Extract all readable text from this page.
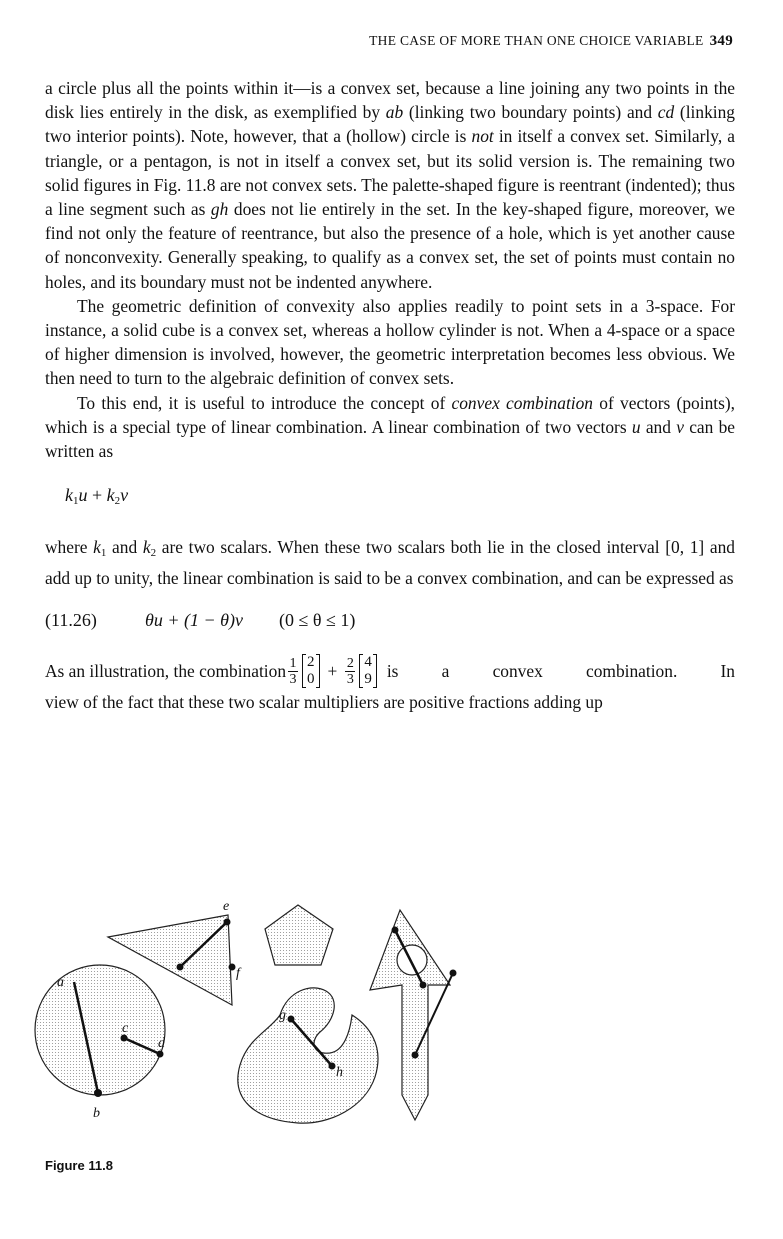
THE CASE OF MORE THAN ONE CHOICE VARIABLE 349

a circle plus all the points within it—is a convex set, because a line joining any two points in the disk lies entirely in the disk, as exemplified by ab (linking two boundary points) and cd (linking two interior points). Note, however, that a (hollow) circle is not in itself a convex set. Similarly, a triangle, or a pentagon, is not in itself a convex set, but its solid version is. The remaining two solid figures in Fig. 11.8 are not convex sets. The palette-shaped figure is reentrant (indented); thus a line segment such as gh does not lie entirely in the set. In the key-shaped figure, moreover, we find not only the feature of reentrance, but also the presence of a hole, which is yet another cause of nonconvexity. Generally speaking, to qualify as a convex set, the set of points must contain no holes, and its boundary must not be indented anywhere.

The geometric definition of convexity also applies readily to point sets in a 3-space. For instance, a solid cube is a convex set, whereas a hollow cylinder is not. When a 4-space or a space of higher dimension is involved, however, the geometric interpretation becomes less obvious. We then need to turn to the algebraic definition of convex sets.

To this end, it is useful to introduce the concept of convex combination of vectors (points), which is a special type of linear combination. A linear combination of two vectors u and v can be written as

$k_1u + k_2v$

where $k_1$ and $k_2$ are two scalars. When these two scalars both lie in the closed interval [0, 1] and add up to unity, the linear combination is said to be a convex combination, and can be expressed as

(11.26)	θu + (1 − θ)v (0 ≤ θ ≤ 1)
As an illustration, the combination $\frac{1}{3} 2$
$0 + \frac{2}{3} 4$
9 is a convex combination. In

view of the fact that these two scalar multipliers are positive fractions adding up

a
b
c
d
e
f
g
h
Figure 11.8
